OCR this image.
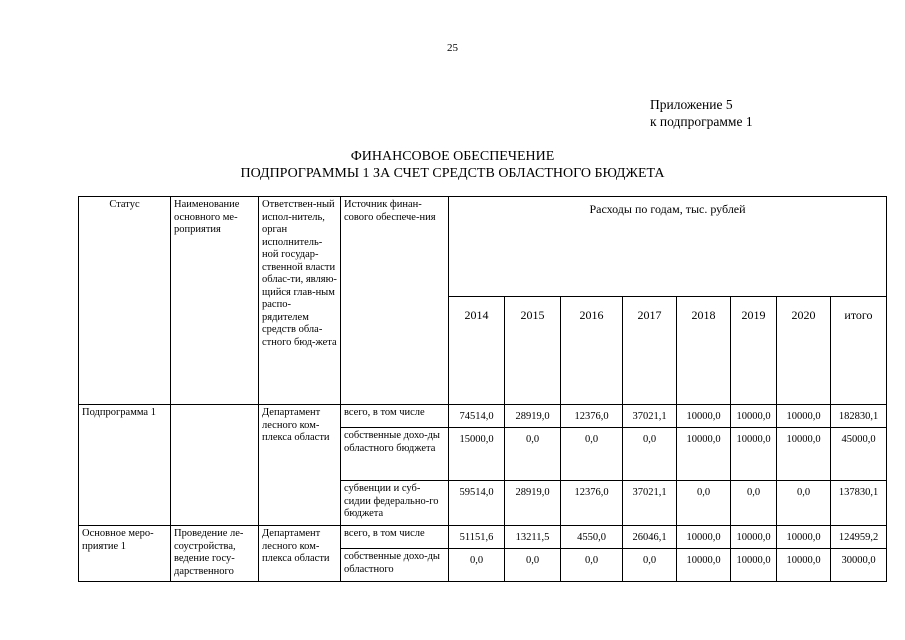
25
Приложение 5
к подпрограмме 1
ФИНАНСОВОЕ ОБЕСПЕЧЕНИЕ
ПОДПРОГРАММЫ 1 ЗА СЧЕТ СРЕДСТВ ОБЛАСТНОГО БЮДЖЕТА
Статус	Наименование основного ме-роприятия	Ответствен-ный испол-нитель, орган исполнитель-ной государ-ственной власти облас-ти, являю-щийся глав-ным распо-рядителем средств обла-стного бюд-жета	Источник финан-сового обеспече-ния	Расходы по годам, тыс. рублей							
				2014	2015	2016	2017	2018	2019	2020	итого
Подпрограмма 1		Департамент лесного ком-плекса области	всего, в том числе	74514,0	28919,0	12376,0	37021,1	10000,0	10000,0	10000,0	182830,1
			собственные дохо-ды областного бюджета	15000,0	0,0	0,0	0,0	10000,0	10000,0	10000,0	45000,0
			субвенции и суб-сидии федерально-го бюджета	59514,0	28919,0	12376,0	37021,1	0,0	0,0	0,0	137830,1
Основное меро-приятие 1	Проведение ле-соустройства, ведение госу-дарственного	Департамент лесного ком-плекса области	всего, в том числе	51151,6	13211,5	4550,0	26046,1	10000,0	10000,0	10000,0	124959,2
			собственные дохо-ды областного	0,0	0,0	0,0	0,0	10000,0	10000,0	10000,0	30000,0
